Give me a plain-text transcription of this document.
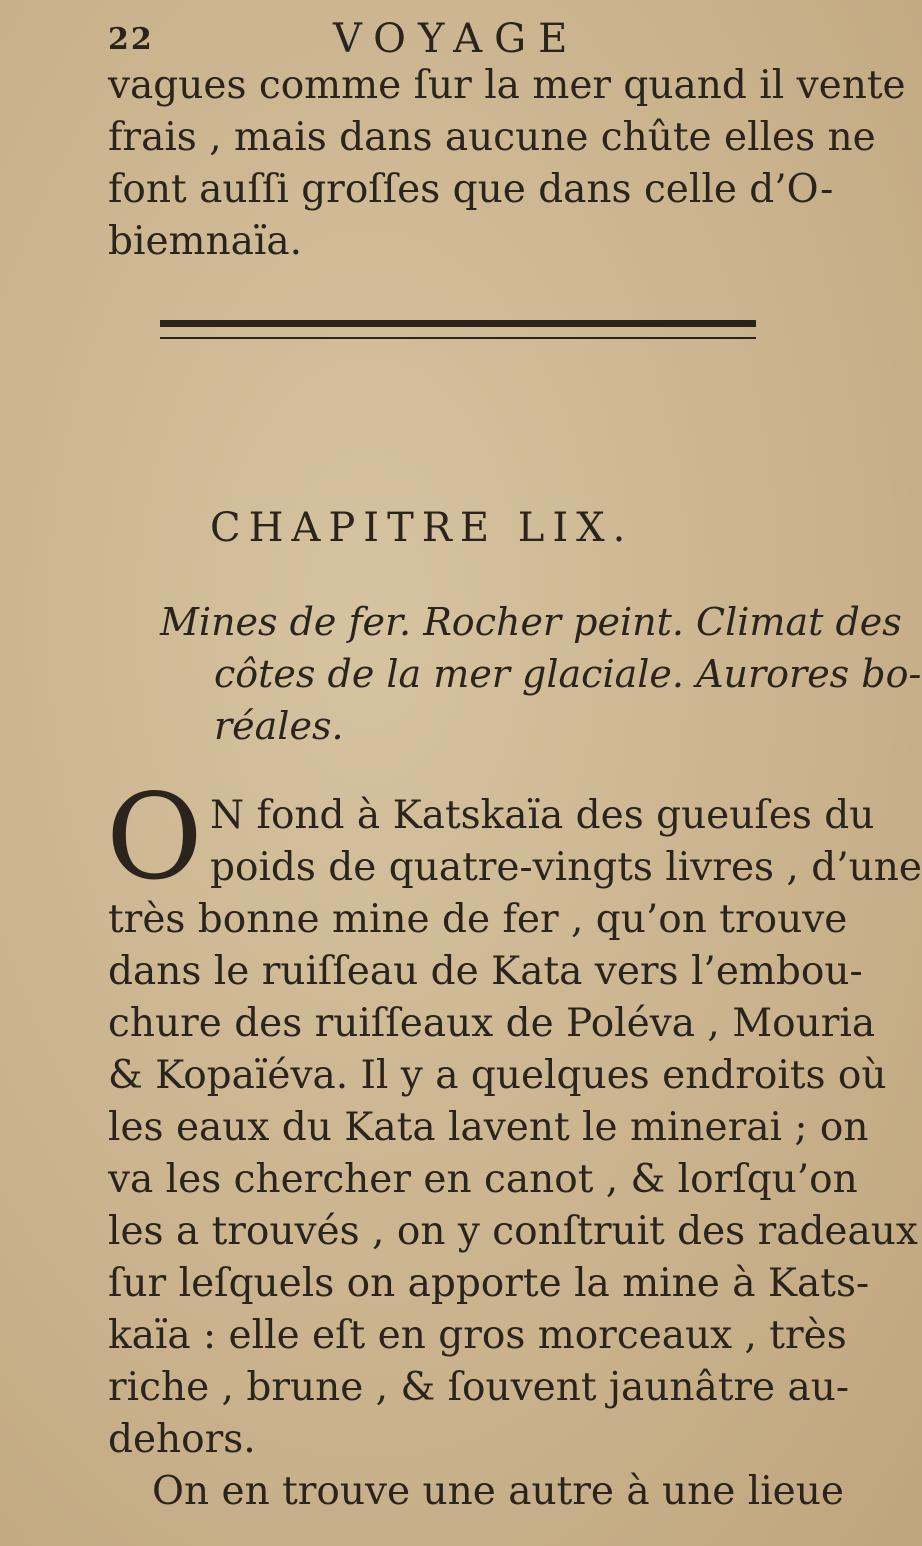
22	VOYAGE
vagues comme ſur la mer quand il vente
frais , mais dans aucune chûte elles ne
font auſſi groſſes que dans celle d’O-
biemnaïa.
CHAPITRE LIX.
Mines de fer. Rocher peint. Climat des
côtes de la mer glaciale. Aurores bo-
réales.
O N fond à Katskaïa des gueuſes du
poids de quatre-vingts livres , d’une
très bonne mine de fer , qu’on trouve
dans le ruiſſeau de Kata vers l’embou-
chure des ruiſſeaux de Poléva , Mouria
& Kopaïéva. Il y a quelques endroits où
les eaux du Kata lavent le minerai ; on
va les chercher en canot , & lorſqu’on
les a trouvés , on y conſtruit des radeaux
ſur leſquels on apporte la mine à Kats-
kaïa : elle eſt en gros morceaux , très
riche , brune , & ſouvent jaunâtre au-
dehors.
On en trouve une autre à une lieue
